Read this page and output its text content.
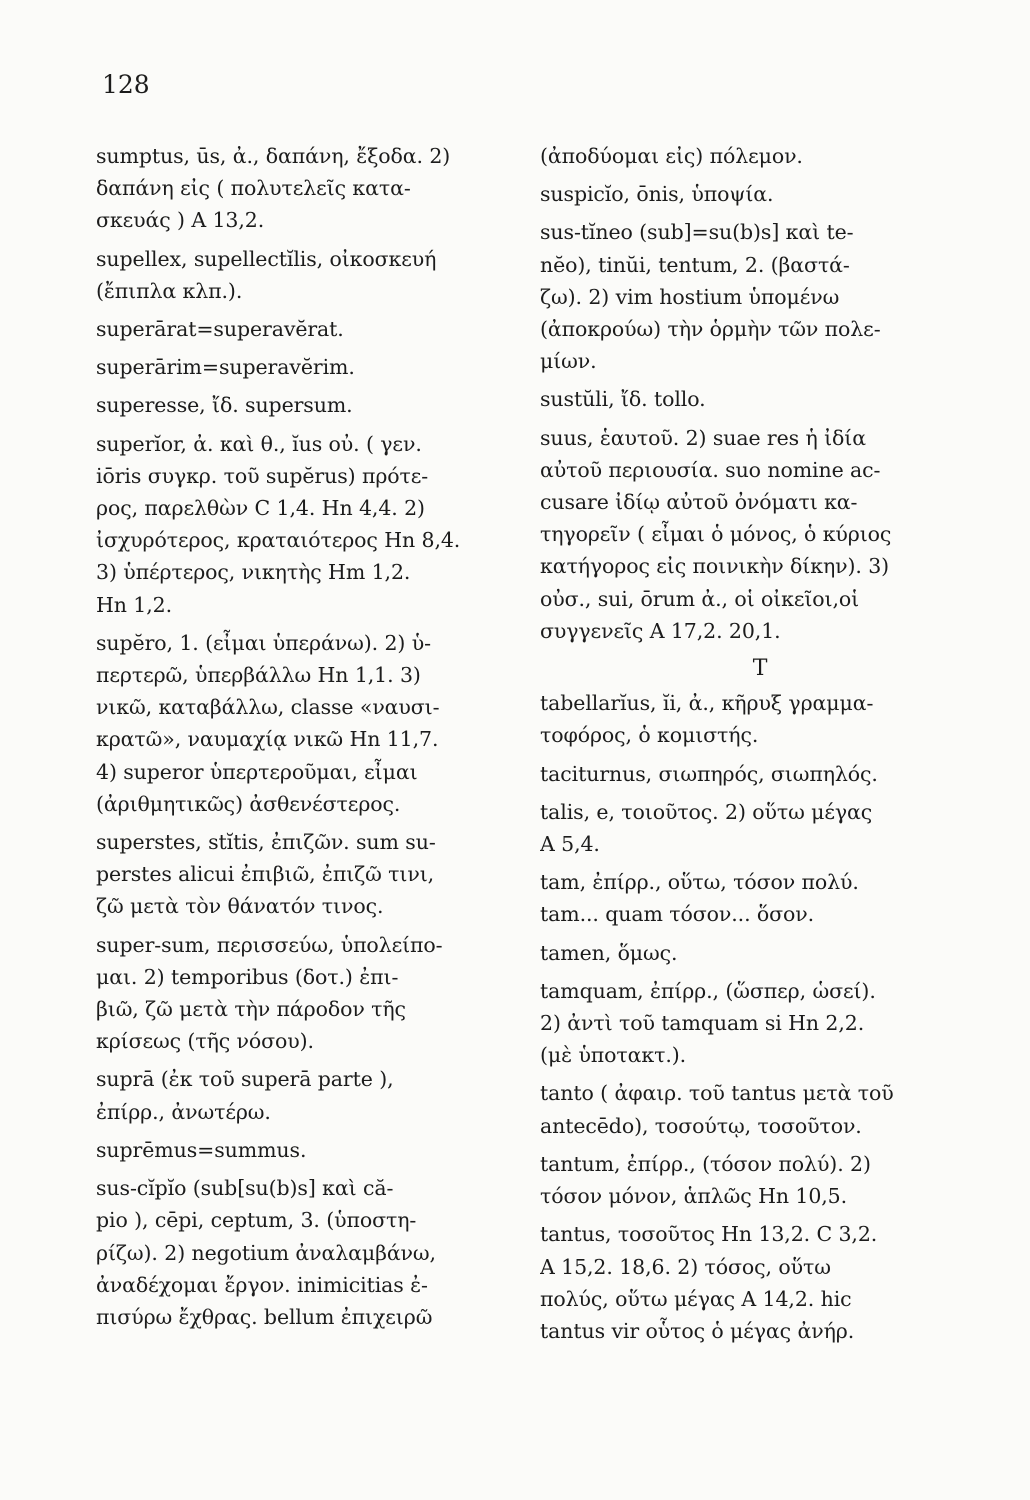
128
sumptus, ūs, ἀ., δαπάνη, ἔξοδα. 2)
δαπάνη εἰς ( πολυτελεῖς κατα-
σκευάς ) A 13,2.
supellex, supellectĭlis, οἰκοσκευή
(ἔπιπλα κλπ.).
superārat=superavĕrat.
superārim=superavĕrim.
superesse, ἴδ. supersum.
superĭor, ἀ. καὶ θ., ĭus οὐ. ( γεν.
iōris συγκρ. τοῦ supĕrus) πρότε-
ρος, παρελθὼν C 1,4. Hn 4,4. 2)
ἰσχυρότερος, κραταιότερος Hn 8,4.
3) ὑπέρτερος, νικητὴς Hm 1,2.
Hn 1,2.
supĕro, 1. (εἶμαι ὑπεράνω). 2) ὑ-
περτερῶ, ὑπερβάλλω Hn 1,1. 3)
νικῶ, καταβάλλω, classe «ναυσι-
κρατῶ», ναυμαχίᾳ νικῶ Hn 11,7.
4) superor ὑπερτεροῦμαι, εἶμαι
(ἀριθμητικῶς) ἀσθενέστερος.
superstes, stĭtis, ἐπιζῶν. sum su-
perstes alicui ἐπιβιῶ, ἐπιζῶ τινι,
ζῶ μετὰ τὸν θάνατόν τινος.
super-sum, περισσεύω, ὑπολείπο-
μαι. 2) temporibus (δοτ.) ἐπι-
βιῶ, ζῶ μετὰ τὴν πάροδον τῆς
κρίσεως (τῆς νόσου).
suprā (ἐκ τοῦ superā parte ),
ἐπίρρ., ἀνωτέρω.
suprēmus=summus.
sus-cĭpĭo (sub[su(b)s] καὶ că-
pio ), cēpi, ceptum, 3. (ὑποστη-
ρίζω). 2) negotium ἀναλαμβάνω,
ἀναδέχομαι ἔργον. inimicitias ἐ-
πισύρω ἔχθρας. bellum ἐπιχειρῶ
(ἀποδύομαι εἰς) πόλεμον.
suspicĭo, ōnis, ὑποψία.
sus-tĭneo (sub]=su(b)s] καὶ te-
nĕo), tinŭi, tentum, 2. (βαστά-
ζω). 2) vim hostium ὑπομένω
(ἀποκρούω) τὴν ὁρμὴν τῶν πολε-
μίων.
sustŭli, ἴδ. tollo.
suus, ἑαυτοῦ. 2) suae res ἡ ἰδία
αὐτοῦ περιουσία. suo nomine ac-
cusare ἰδίῳ αὐτοῦ ὀνόματι κα-
τηγορεῖν ( εἶμαι ὁ μόνος, ὁ κύριος
κατήγορος εἰς ποινικὴν δίκην). 3)
οὐσ., sui, ōrum ἀ., οἱ οἰκεῖοι,οἱ
συγγενεῖς A 17,2. 20,1.
T
tabellarĭus, ĭi, ἀ., κῆρυξ γραμμα-
τοφόρος, ὁ κομιστής.
taciturnus, σιωπηρός, σιωπηλός.
talis, e, τοιοῦτος. 2) οὕτω μέγας
A 5,4.
tam, ἐπίρρ., οὕτω, τόσον πολύ.
tam... quam τόσον... ὅσον.
tamen, ὅμως.
tamquam, ἐπίρρ., (ὥσπερ, ὡσεί).
2) ἀντὶ τοῦ tamquam si Hn 2,2.
(μὲ ὑποτακτ.).
tanto ( ἀφαιρ. τοῦ tantus μετὰ τοῦ
antecēdo), τοσούτῳ, τοσοῦτον.
tantum, ἐπίρρ., (τόσον πολύ). 2)
τόσον μόνον, ἁπλῶς Hn 10,5.
tantus, τοσοῦτος Hn 13,2. C 3,2.
A 15,2. 18,6. 2) τόσος, οὕτω
πολύς, οὕτω μέγας A 14,2. hic
tantus vir οὗτος ὁ μέγας ἀνήρ.
